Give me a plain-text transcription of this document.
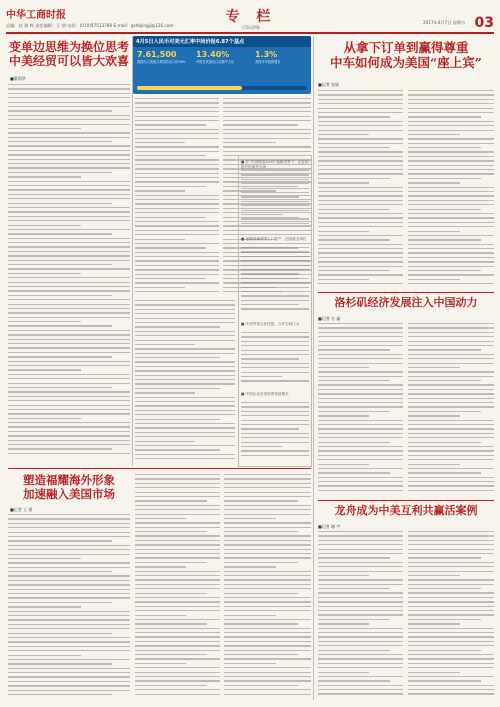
中华工商时报
总编：赵 雅 辉 责任编辑：王 朋 电话：(010)57513780 E-mail：gshbjingji@126.com
专 栏
COLUMN
2017年4月7日 星期五 03
变单边思维为换位思考
中美经贸可以皆大欢喜
■董莉华
4月5日人民币对美元汇率中间价报6.87个基点
7.61,500
我国出口美国占我国总出口的18%
13.40%
中国在美国出口总额中占比
1.3%
美国对华投资增长
■ 在“中国制造2025”战略背景下，企业积极开拓海外市场
■ 福耀玻璃美国工厂投产，创造就业岗位
■ 中美贸易互补性强，合作空间巨大
■ 中国企业在美投资持续增长
从拿下订单到赢得尊重
中车如何成为美国“座上宾”
■记者 张斌
洛杉矶经济发展注入中国动力
■记者 万 鑫
龙舟成为中美互利共赢活案例
■记者 谢 宇
塑造福耀海外形象
加速融入美国市场
■记者 王 朋
